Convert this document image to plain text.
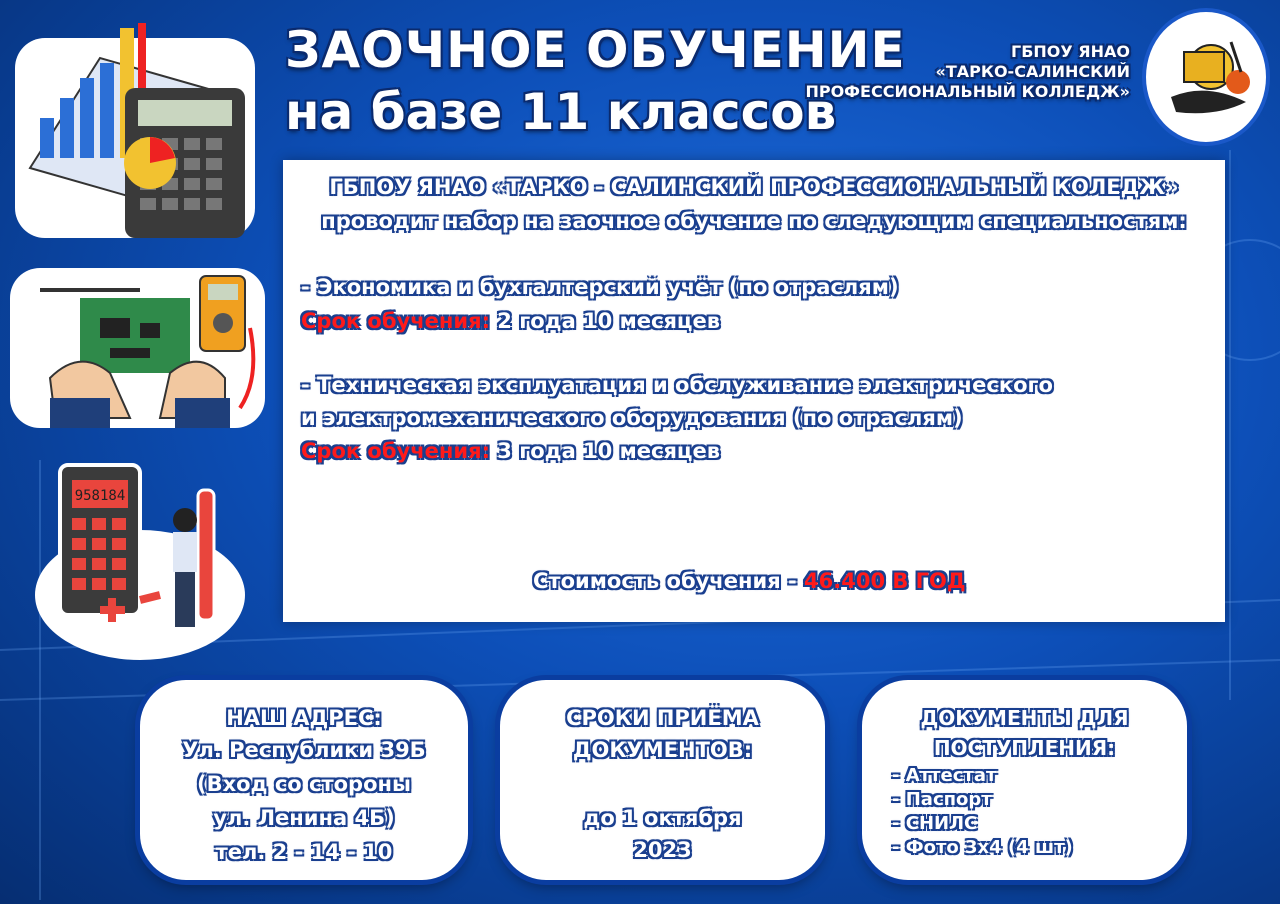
958184
ЗАОЧНОЕ ОБУЧЕНИЕ
на базе 11 классов
ГБПОУ ЯНАО
«ТАРКО-САЛИНСКИЙ
ПРОФЕССИОНАЛЬНЫЙ КОЛЛЕДЖ»
ГБПОУ ЯНАО «ТАРКО - САЛИНСКИЙ ПРОФЕССИОНАЛЬНЫЙ КОЛЕДЖ»
проводит набор на заочное обучение по следующим специальностям:
- Экономика и бухгалтерский учёт (по отраслям)
Срок обучения: 2 года 10 месяцев
- Техническая эксплуатация и обслуживание электрического
и электромеханического оборудования (по отраслям)
Срок обучения: 3 года 10 месяцев
Стоимость обучения - 46.400 В ГОД
НАШ АДРЕС:
Ул. Республики 39Б
(Вход со стороны
ул. Ленина 4Б)
тел. 2 - 14 - 10
СРОКИ ПРИЁМА
ДОКУМЕНТОВ:
до 1 октября
2023
ДОКУМЕНТЫ ДЛЯ
ПОСТУПЛЕНИЯ:
- Аттестат
- Паспорт
- СНИЛС
- Фото 3х4 (4 шт)
